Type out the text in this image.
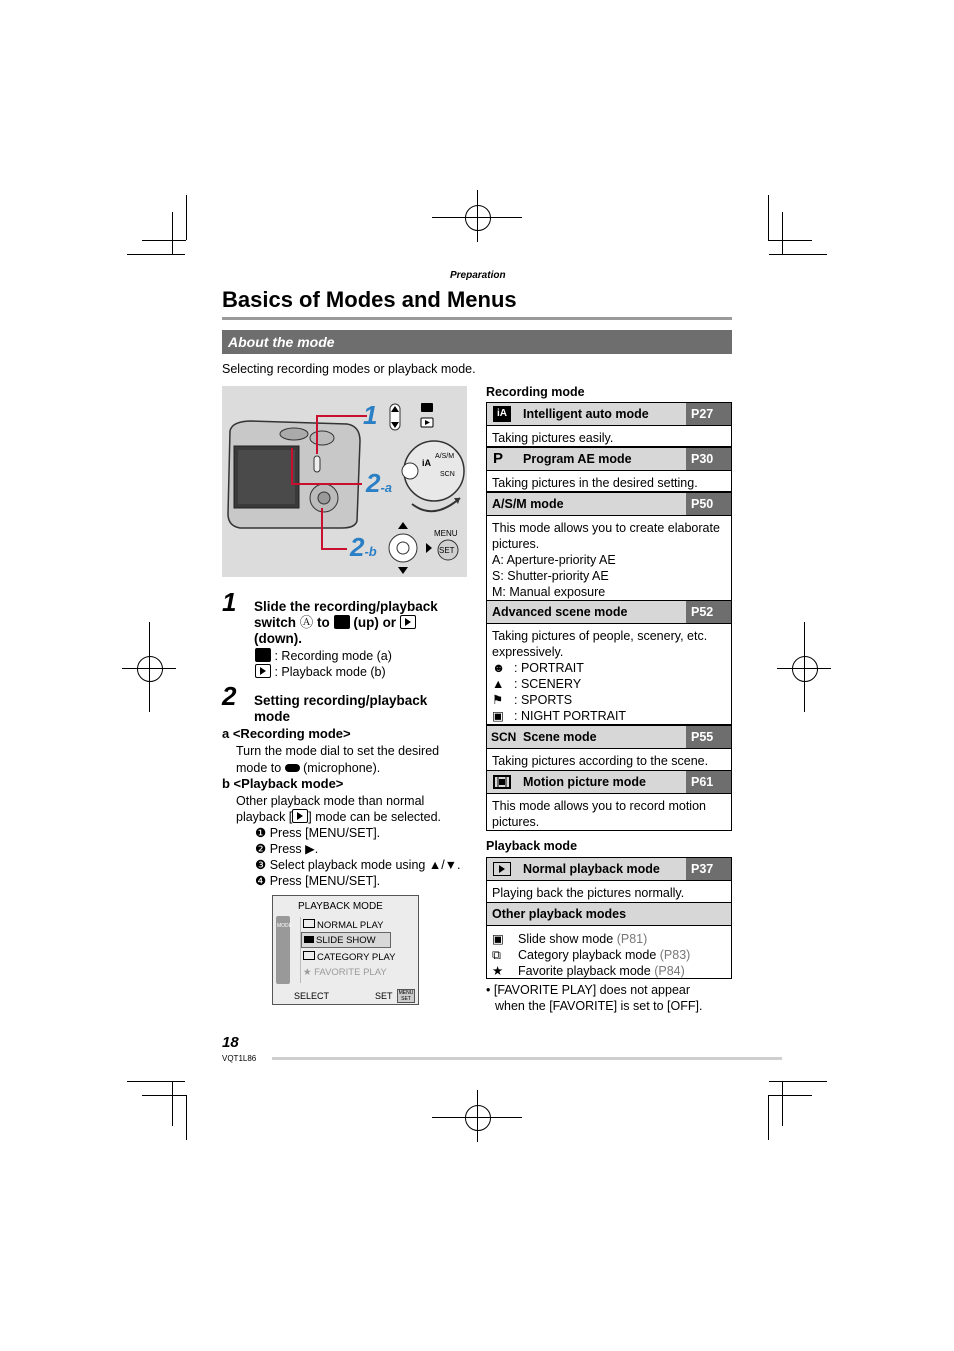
Preparation
Basics of Modes and Menus
About the mode
Selecting recording modes or playback mode.
iA
A/S/M
SCN
SET
1
2-a
2-b
MENU
1 Slide the recording/playback
switch Ⓐ to (up) or
(down).
: Recording mode (a)
: Playback mode (b)
2 Setting recording/playback
mode
a <Recording mode>
Turn the mode dial to set the desired
mode to (microphone).
b <Playback mode>
Other playback mode than normal
playback [ ] mode can be selected.
❶ Press [MENU/SET].
❷ Press ▶.
❸ Select playback mode using ▲/▼.
❹ Press [MENU/SET].
PLAYBACK MODE
MODE	NORMAL PLAY
SLIDE SHOW
CATEGORY PLAY
★ FAVORITE PLAY
SELECT	SET	MENU
SET
Recording mode
iA	Intelligent auto mode	P27
Taking pictures easily.
P	Program AE mode	P30
Taking pictures in the desired setting.
A/S/M mode	P50
This mode allows you to create elaborate
pictures.
A: Aperture-priority AE
S: Shutter-priority AE
M: Manual exposure
Advanced scene mode	P52
Taking pictures of people, scenery, etc.
expressively.
☻ : PORTRAIT
▲ : SCENERY
⚑ : SPORTS
▣ : NIGHT PORTRAIT
SCN Scene mode	P55
Taking pictures according to the scene.
Motion picture mode	P61
This mode allows you to record motion
pictures.
Playback mode
Normal playback mode	P37
Playing back the pictures normally.
Other playback modes
▣ Slide show mode (P81)
⧉ Category playback mode (P83)
★ Favorite playback mode (P84)
• [FAVORITE PLAY] does not appear
when the [FAVORITE] is set to [OFF].
18
VQT1L86
